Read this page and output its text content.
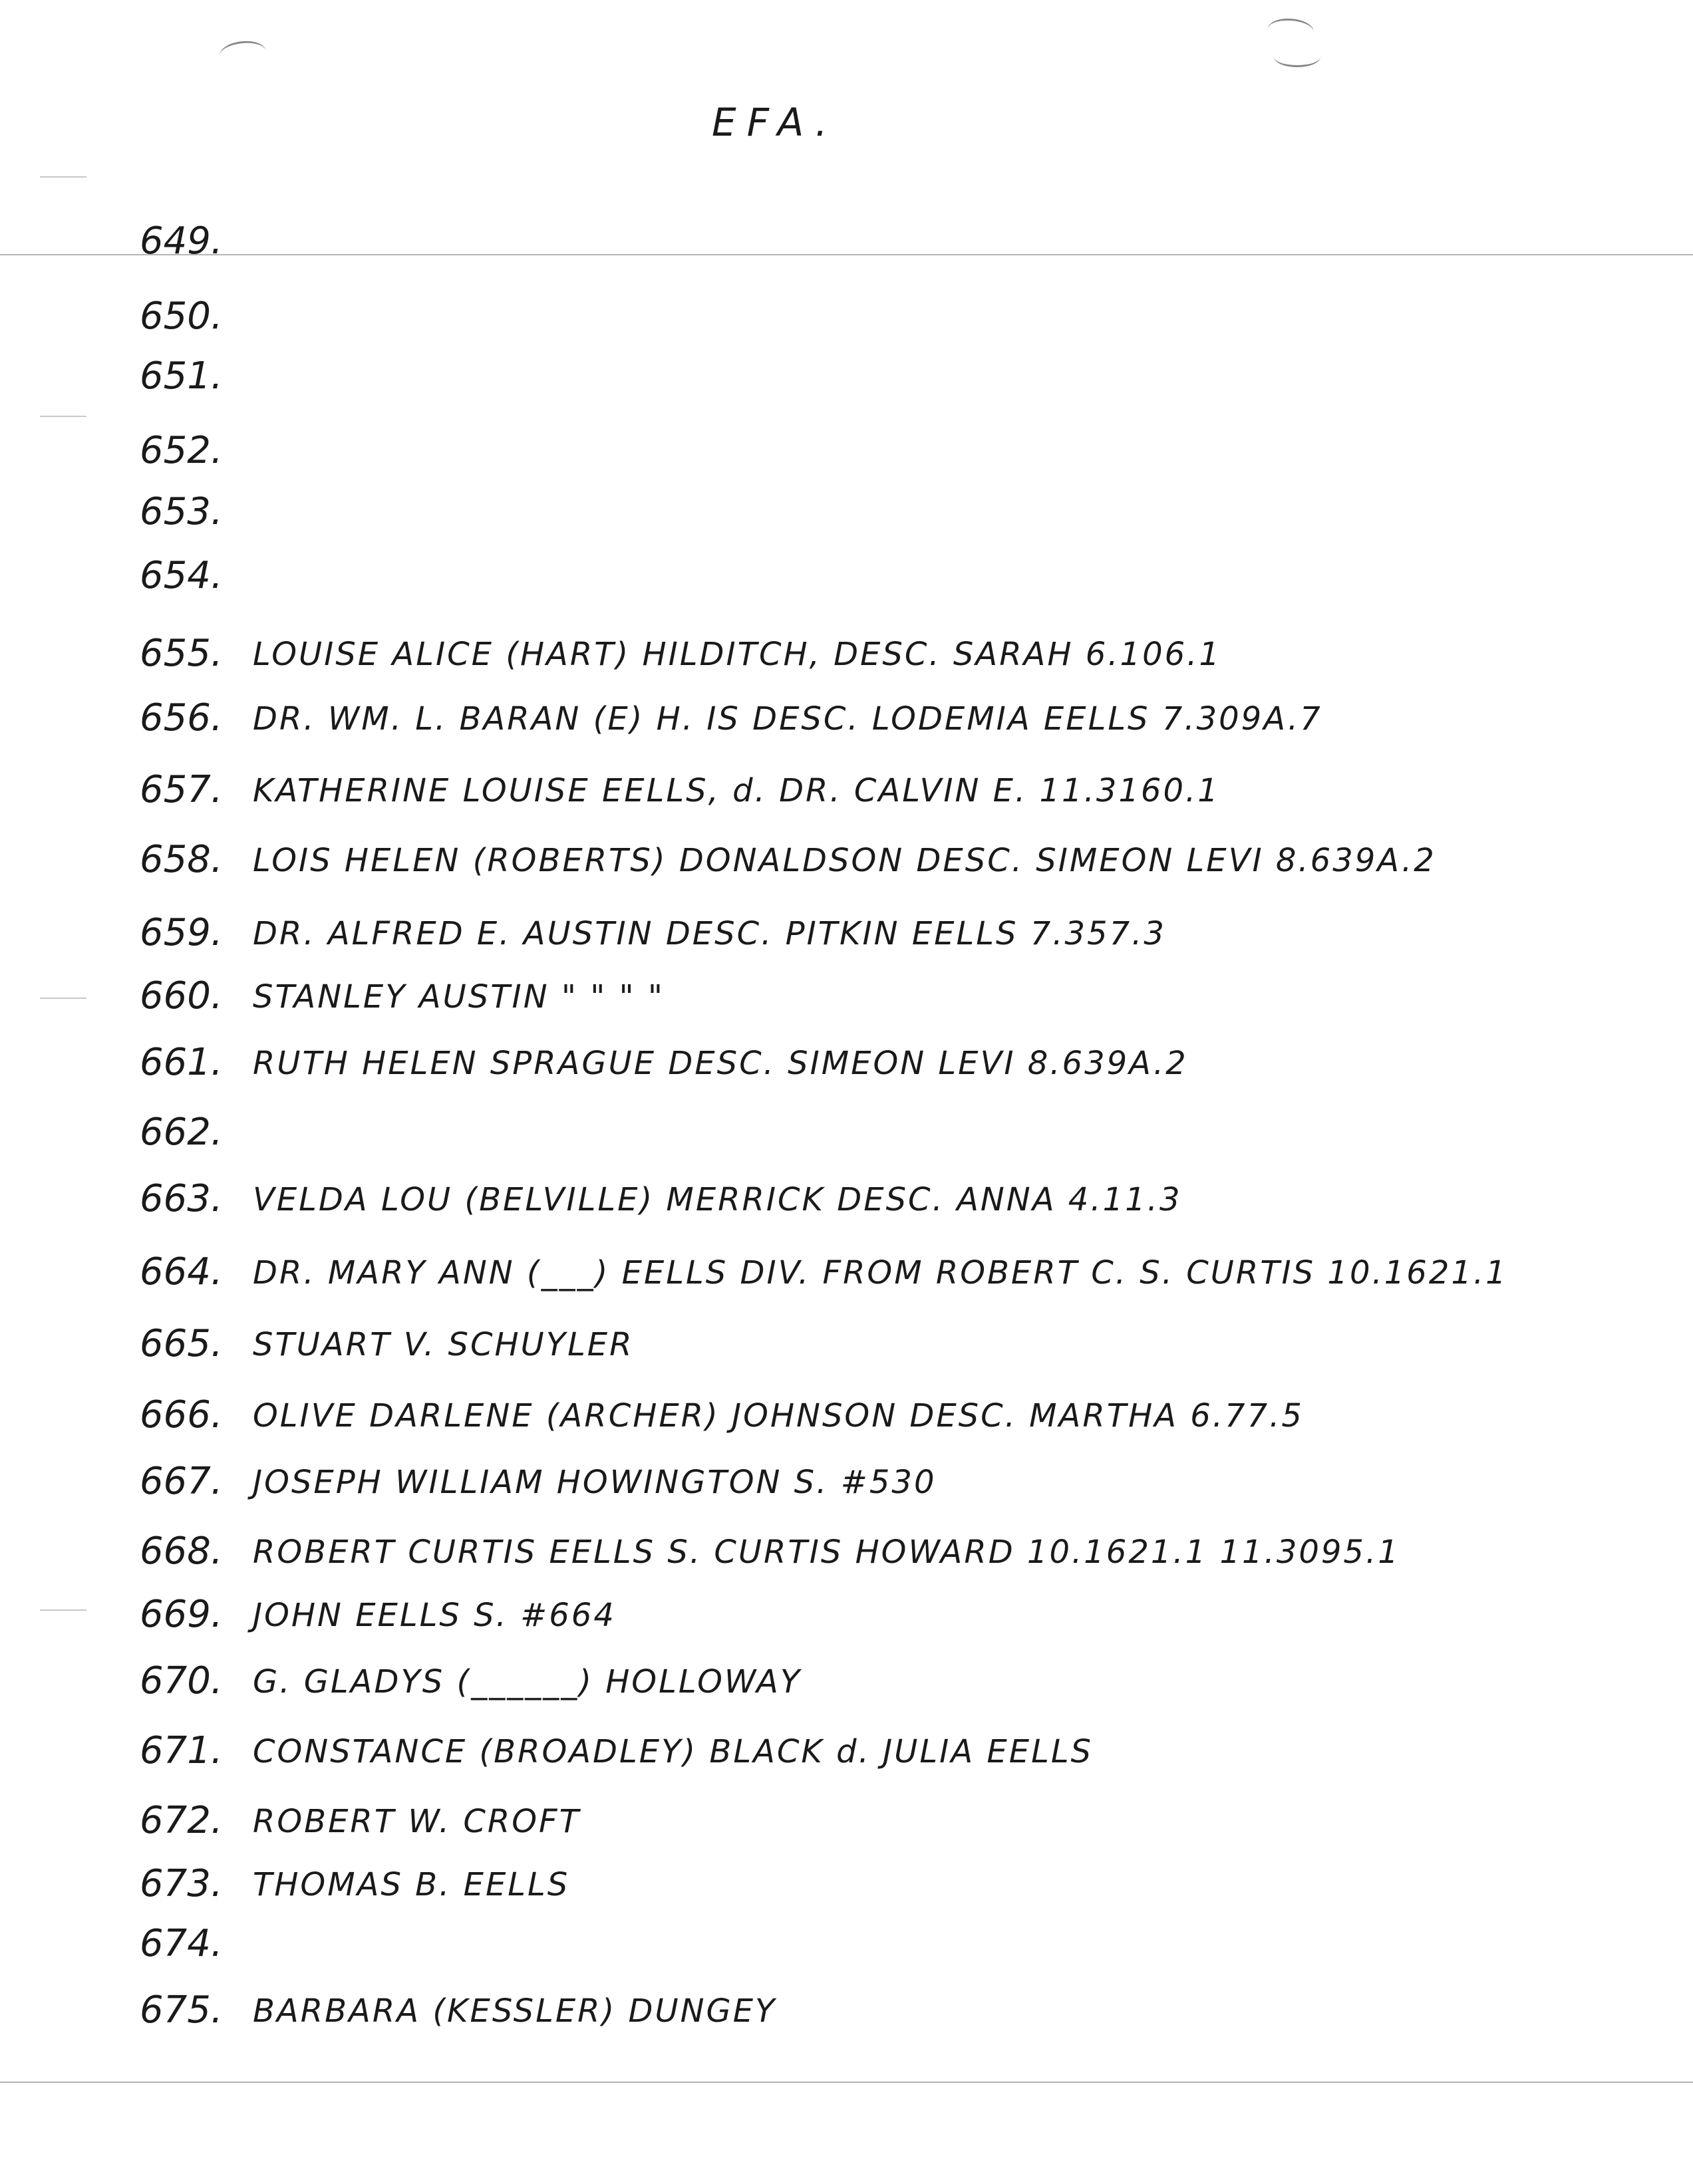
EFA.
649.
650.
651.
652.
653.
654.
655. LOUISE ALICE (HART) HILDITCH, DESC. SARAH 6.106.1
656. DR. WM. L. BARAN (E) H. IS DESC. LODEMIA EELLS 7.309A.7
657. KATHERINE LOUISE EELLS, d. DR. CALVIN E. 11.3160.1
658. LOIS HELEN (ROBERTS) DONALDSON DESC. SIMEON LEVI 8.639A.2
659. DR. ALFRED E. AUSTIN DESC. PITKIN EELLS 7.357.3
660. STANLEY AUSTIN " " " "
661. RUTH HELEN SPRAGUE DESC. SIMEON LEVI 8.639A.2
662.
663. VELDA LOU (BELVILLE) MERRICK DESC. ANNA 4.11.3
664. DR. MARY ANN (___) EELLS DIV. FROM ROBERT C. S. CURTIS 10.1621.1
665. STUART V. SCHUYLER
666. OLIVE DARLENE (ARCHER) JOHNSON DESC. MARTHA 6.77.5
667. JOSEPH WILLIAM HOWINGTON S. #530
668. ROBERT CURTIS EELLS S. CURTIS HOWARD 10.1621.1 11.3095.1
669. JOHN EELLS S. #664
670. G. GLADYS (______) HOLLOWAY
671. CONSTANCE (BROADLEY) BLACK d. JULIA EELLS
672. ROBERT W. CROFT
673. THOMAS B. EELLS
674.
675. BARBARA (KESSLER) DUNGEY
